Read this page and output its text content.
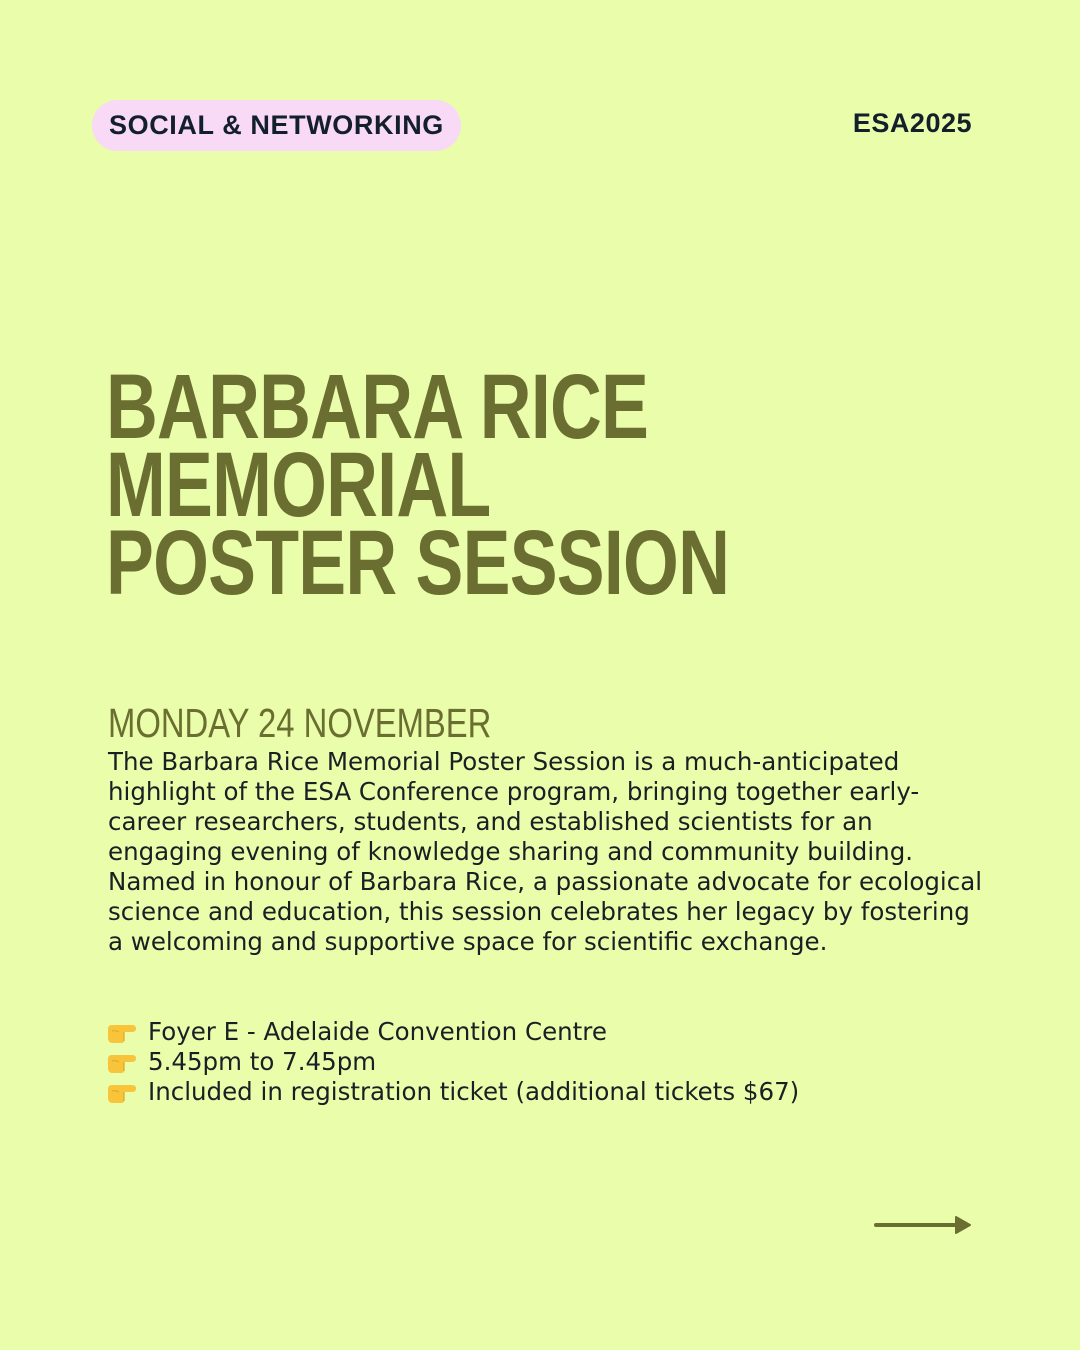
SOCIAL & NETWORKING	ESA2025
BARBARA RICE
MEMORIAL
POSTER SESSION
MONDAY 24 NOVEMBER

The Barbara Rice Memorial Poster Session is a much-anticipated highlight of the ESA Conference program, bringing together early-career researchers, students, and established scientists for an engaging evening of knowledge sharing and community building. Named in honour of Barbara Rice, a passionate advocate for ecological science and education, this session celebrates her legacy by fostering a welcoming and supportive space for scientific exchange.

Foyer E - Adelaide Convention Centre
5.45pm to 7.45pm
Included in registration ticket (additional tickets $67)
